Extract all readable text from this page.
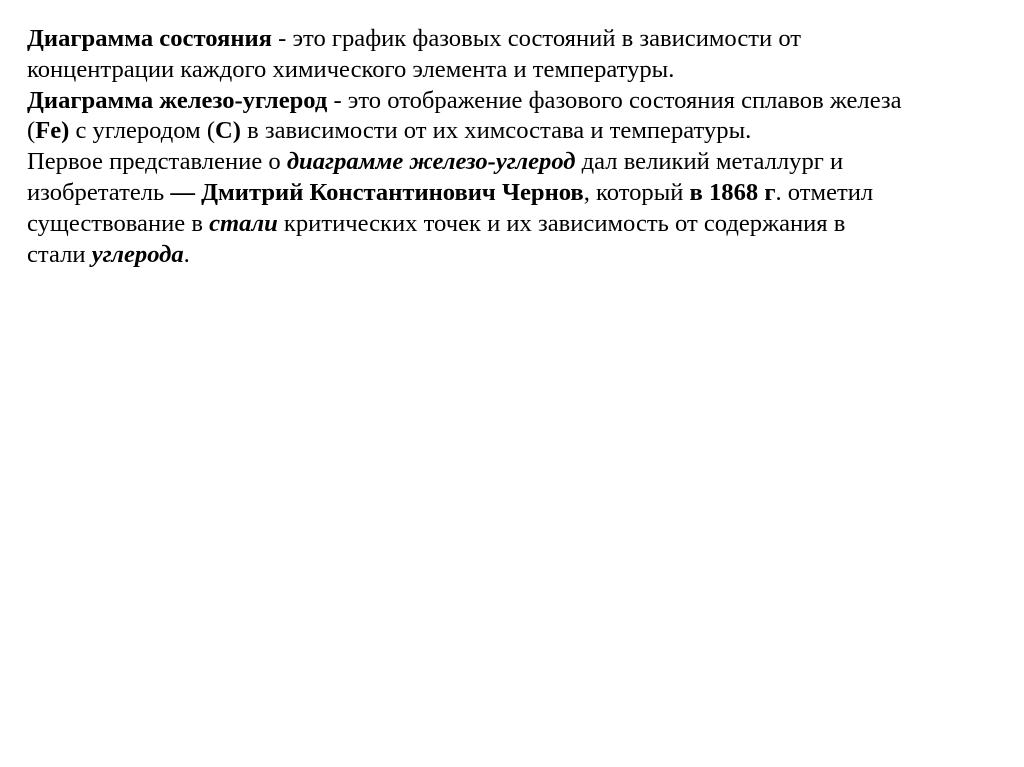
Диаграмма состояния - это график фазовых состояний в зависимости от
концентрации каждого химического элемента и температуры.
Диаграмма железо-углерод - это отображение фазового состояния сплавов железа
(Fe) с углеродом (C) в зависимости от их химсостава и температуры.
Первое представление о диаграмме железо-углерод дал великий металлург и
изобретатель — Дмитрий Константинович Чернов, который в 1868 г. отметил
существование в стали критических точек и их зависимость от содержания в
стали углерода.
